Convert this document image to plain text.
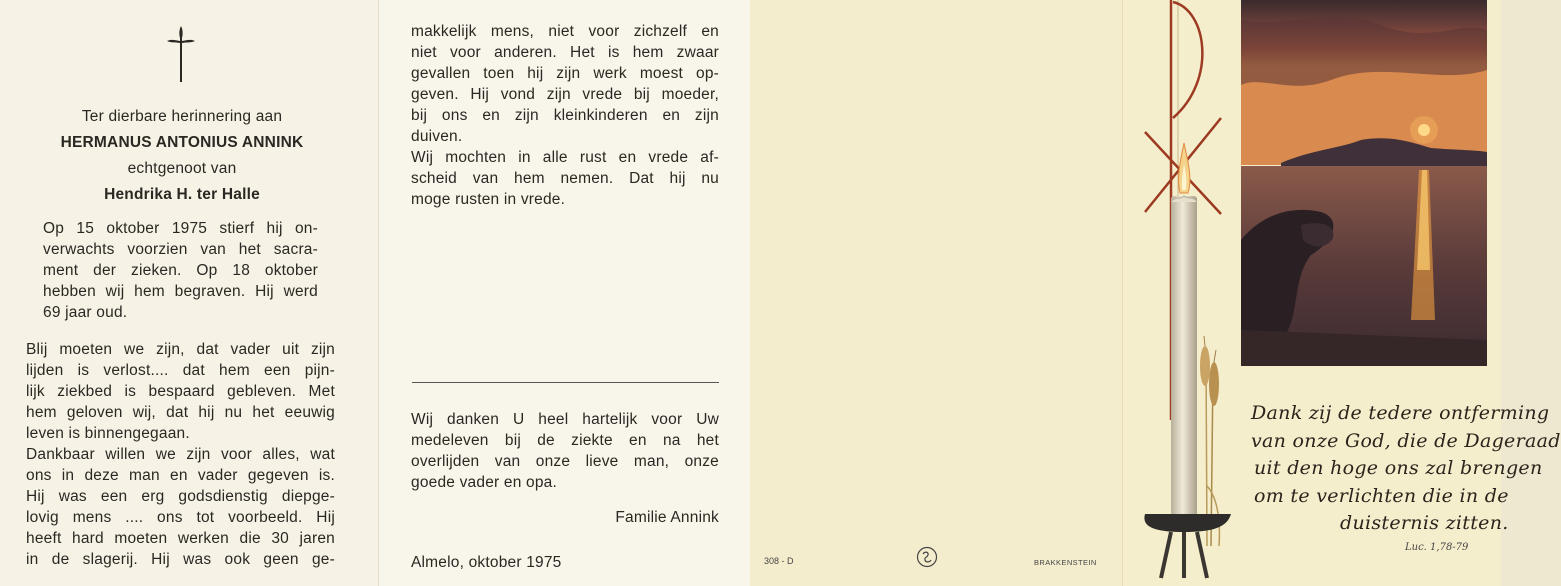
Ter dierbare herinnering aan
HERMANUS ANTONIUS ANNINK
echtgenoot van
Hendrika H. ter Halle
Op 15 oktober 1975 stierf hij on-
verwachts voorzien van het sacra-
ment der zieken. Op 18 oktober
hebben wij hem begraven. Hij werd
69 jaar oud.
Blij moeten we zijn, dat vader uit zijn
lijden is verlost.... dat hem een pijn-
lijk ziekbed is bespaard gebleven. Met
hem geloven wij, dat hij nu het eeuwig
leven is binnengegaan.
Dankbaar willen we zijn voor alles, wat
ons in deze man en vader gegeven is.
Hij was een erg godsdienstig diepge-
lovig mens .... ons tot voorbeeld. Hij
heeft hard moeten werken die 30 jaren
in de slagerij. Hij was ook geen ge-
makkelijk mens, niet voor zichzelf en
niet voor anderen. Het is hem zwaar
gevallen toen hij zijn werk moest op-
geven. Hij vond zijn vrede bij moeder,
bij ons en zijn kleinkinderen en zijn
duiven.
Wij mochten in alle rust en vrede af-
scheid van hem nemen. Dat hij nu
moge rusten in vrede.
Wij danken U heel hartelijk voor Uw
medeleven bij de ziekte en na het
overlijden van onze lieve man, onze
goede vader en opa.
Familie Annink
Almelo, oktober 1975	308 - D	BRAKKENSTEIN
Dank zij de tedere ontferming
van onze God, die de Dageraad
uit den hoge ons zal brengen
om te verlichten die in de
duisternis zitten.
Luc. 1,78-79
